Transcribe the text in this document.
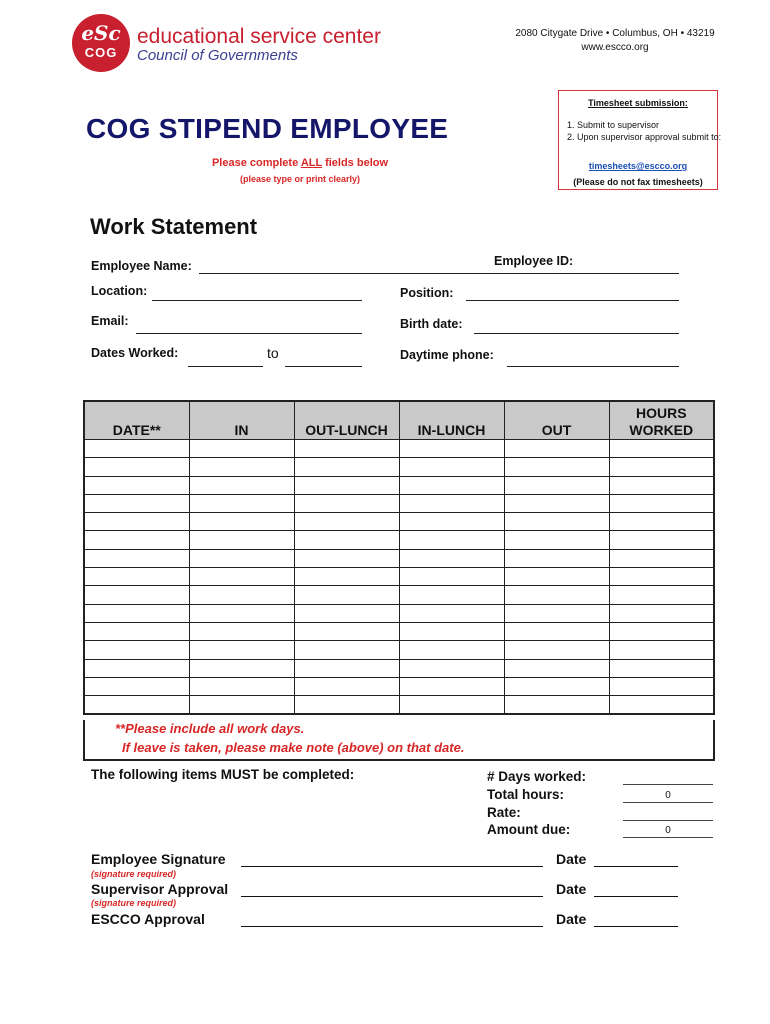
eSc
COG
educational service center
Council of Governments
2080 Citygate Drive • Columbus, OH • 43219
www.escco.org
Timesheet submission:
1. Submit to supervisor
2. Upon supervisor approval submit to:
timesheets@escco.org
(Please do not fax timesheets)
COG STIPEND EMPLOYEE
Please complete ALL fields below
(please type or print clearly)
Work Statement
Employee Name:	Employee ID:
Location:	Position:
Email:	Birth date:
Dates Worked:	to	Daytime phone:
DATE**	IN	OUT-LUNCH	IN-LUNCH	OUT	HOURS
WORKED

**Please include all work days.
If leave is taken, please make note (above) on that date.
The following items MUST be completed:	# Days worked:
Total hours:	0
Rate:
Amount due:	0
Employee Signature
(signature required)
Date
Supervisor Approval
(signature required)
Date
ESCCO Approval	Date
